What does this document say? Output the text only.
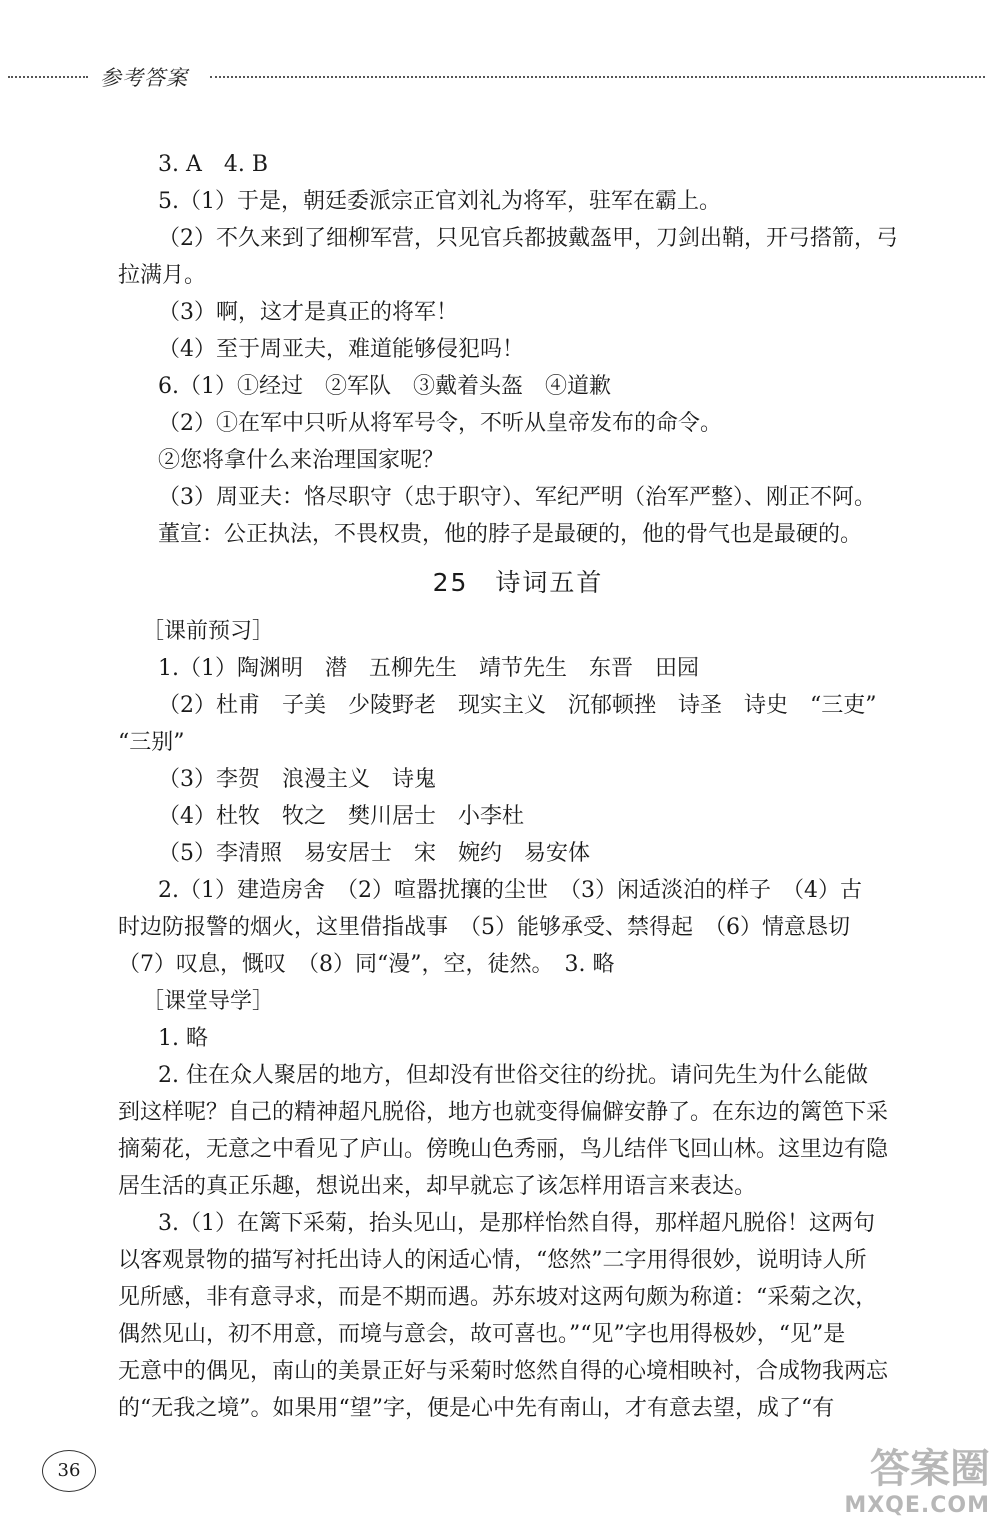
参考答案
3. A　4. B
5.（1）于是，朝廷委派宗正官刘礼为将军，驻军在霸上。
（2）不久来到了细柳军营，只见官兵都披戴盔甲，刀剑出鞘，开弓搭箭，弓
拉满月。
（3）啊，这才是真正的将军！
（4）至于周亚夫，难道能够侵犯吗！
6.（1）①经过　②军队　③戴着头盔　④道歉
（2）①在军中只听从将军号令，不听从皇帝发布的命令。
②您将拿什么来治理国家呢？
（3）周亚夫：恪尽职守（忠于职守）、军纪严明（治军严整）、刚正不阿。
董宣：公正执法，不畏权贵，他的脖子是最硬的，他的骨气也是最硬的。
25　诗词五首
［课前预习］
1.（1）陶渊明　潜　五柳先生　靖节先生　东晋　田园
（2）杜甫　子美　少陵野老　现实主义　沉郁顿挫　诗圣　诗史　“三吏”
“三别”
（3）李贺　浪漫主义　诗鬼
（4）杜牧　牧之　樊川居士　小李杜
（5）李清照　易安居士　宋　婉约　易安体
2.（1）建造房舍　（2）喧嚣扰攘的尘世　（3）闲适淡泊的样子　（4）古
时边防报警的烟火，这里借指战事　（5）能够承受、禁得起　（6）情意恳切
（7）叹息，慨叹　（8）同“漫”，空，徒然。　3. 略
［课堂导学］
1. 略
2. 住在众人聚居的地方，但却没有世俗交往的纷扰。请问先生为什么能做
到这样呢？自己的精神超凡脱俗，地方也就变得偏僻安静了。在东边的篱笆下采
摘菊花，无意之中看见了庐山。傍晚山色秀丽，鸟儿结伴飞回山林。这里边有隐
居生活的真正乐趣，想说出来，却早就忘了该怎样用语言来表达。
3.（1）在篱下采菊，抬头见山，是那样怡然自得，那样超凡脱俗！这两句
以客观景物的描写衬托出诗人的闲适心情，“悠然”二字用得很妙，说明诗人所
见所感，非有意寻求，而是不期而遇。苏东坡对这两句颇为称道：“采菊之次，
偶然见山，初不用意，而境与意会，故可喜也。”“见”字也用得极妙，“见”是
无意中的偶见，南山的美景正好与采菊时悠然自得的心境相映衬，合成物我两忘
的“无我之境”。如果用“望”字，便是心中先有南山，才有意去望，成了“有
36	答案圈
MXQE.COM
